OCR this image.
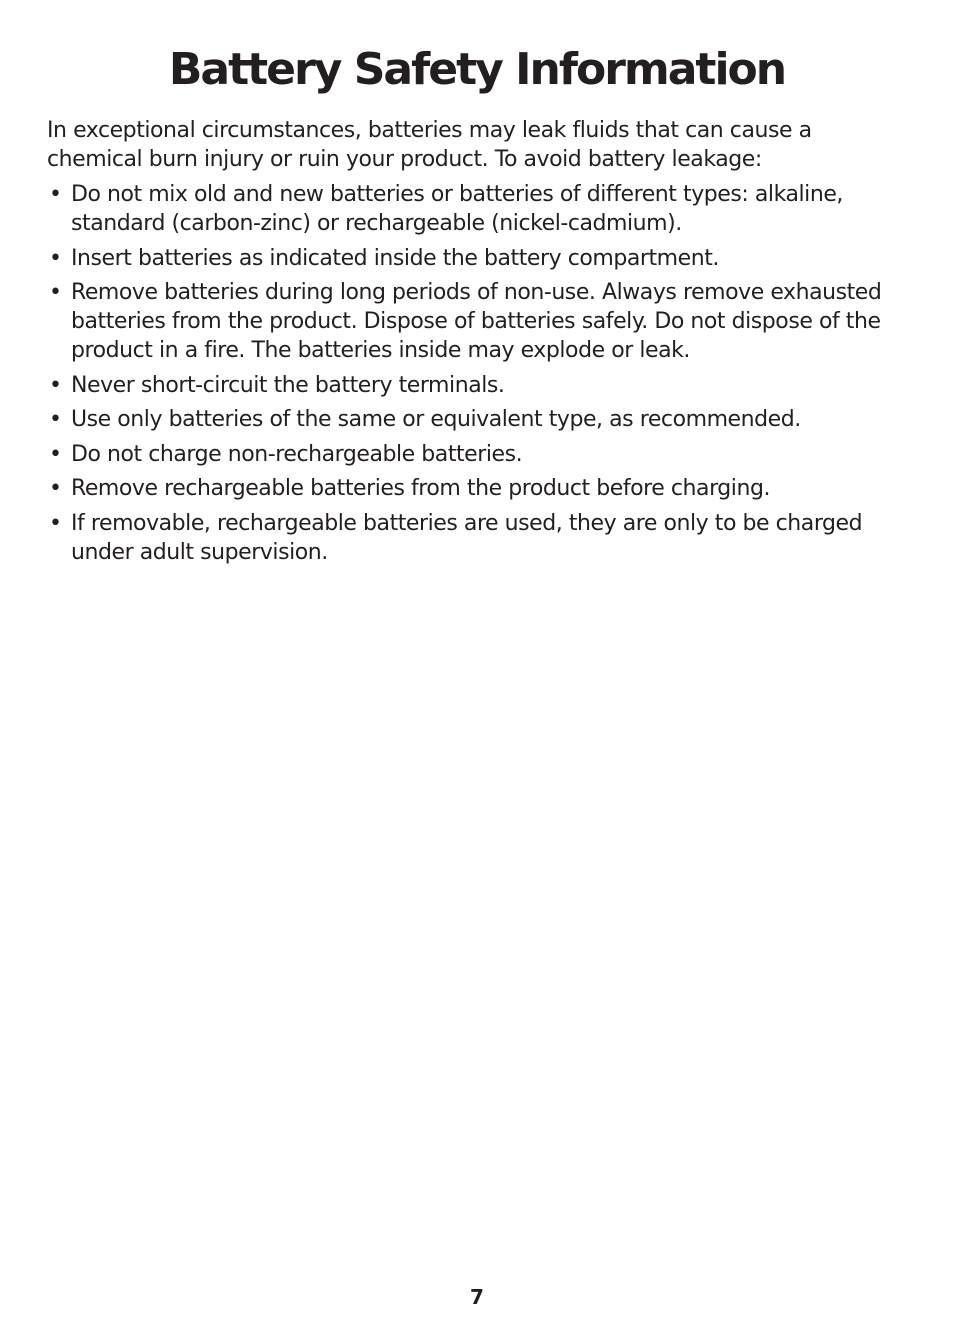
Battery Safety Information

In exceptional circumstances, batteries may leak fluids that can cause a chemical burn injury or ruin your product. To avoid battery leakage:

• Do not mix old and new batteries or batteries of different types: alkaline, standard (carbon-zinc) or rechargeable (nickel-cadmium).
• Insert batteries as indicated inside the battery compartment.
• Remove batteries during long periods of non-use. Always remove exhausted batteries from the product. Dispose of batteries safely. Do not dispose of the product in a fire. The batteries inside may explode or leak.
• Never short-circuit the battery terminals.
• Use only batteries of the same or equivalent type, as recommended.
• Do not charge non-rechargeable batteries.
• Remove rechargeable batteries from the product before charging.
• If removable, rechargeable batteries are used, they are only to be charged under adult supervision.
7
